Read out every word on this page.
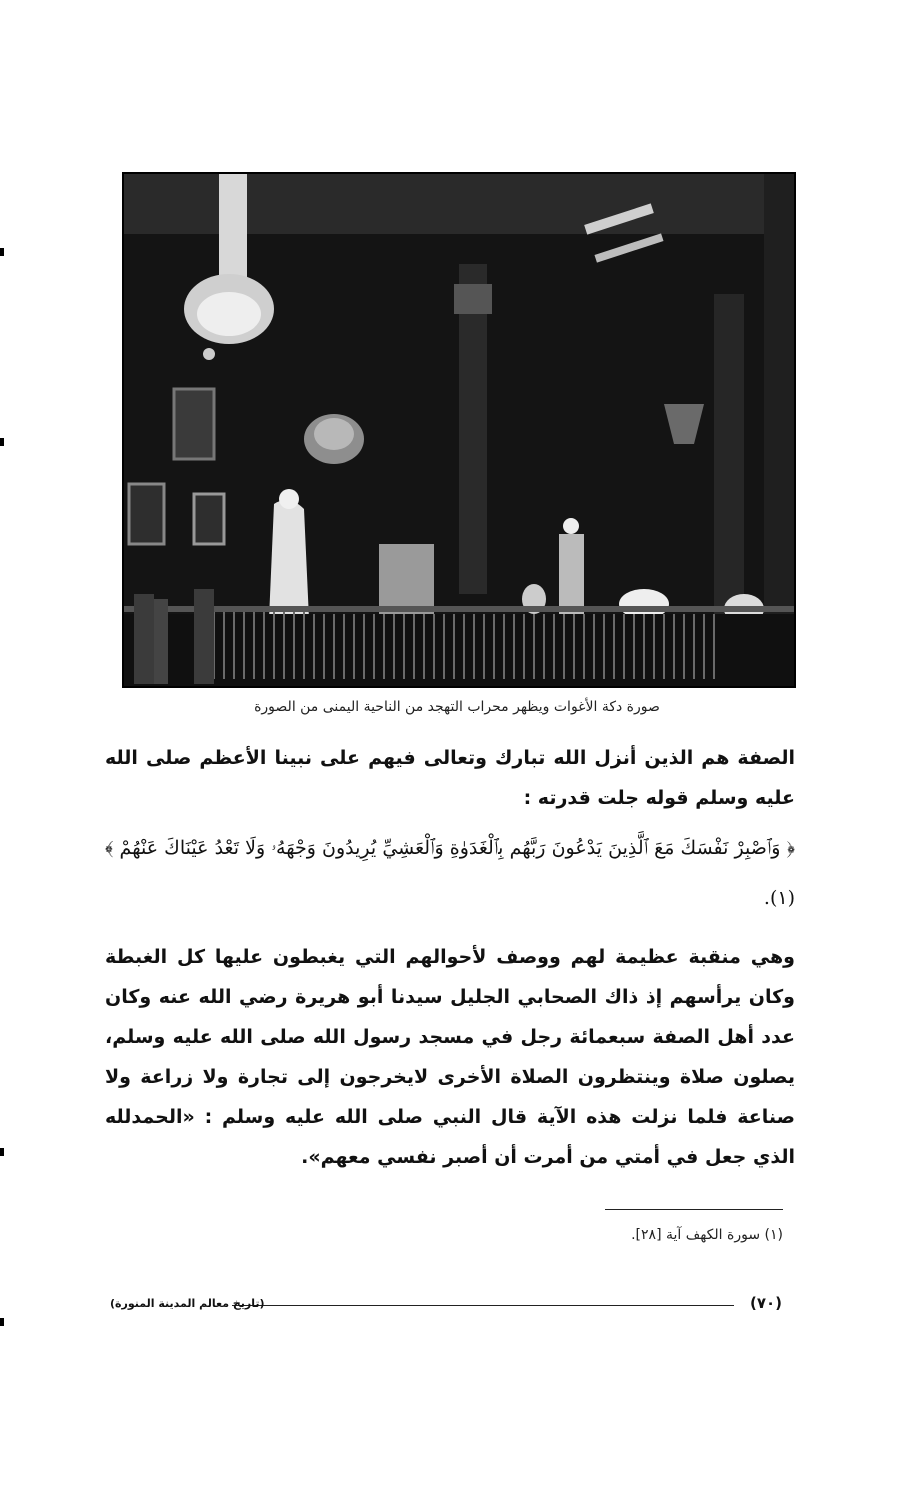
صورة دكة الأغوات ويظهر محراب التهجد من الناحية اليمنى من الصورة

الصفة هم الذين أنزل الله تبارك وتعالى فيهم على نبينا الأعظم صلى الله عليه وسلم قوله جلت قدرته :

﴿ وَٱصْبِرْ نَفْسَكَ مَعَ ٱلَّذِينَ يَدْعُونَ رَبَّهُم بِٱلْغَدَوٰةِ وَٱلْعَشِيِّ يُرِيدُونَ وَجْهَهُۥ وَلَا تَعْدُ عَيْنَاكَ عَنْهُمْ ﴾(١).

وهي منقبة عظيمة لهم ووصف لأحوالهم التي يغبطون عليها كل الغبطة وكان يرأسهم إذ ذاك الصحابي الجليل سيدنا أبو هريرة رضي الله عنه وكان عدد أهل الصفة سبعمائة رجل في مسجد رسول الله صلى الله عليه وسلم، يصلون صلاة وينتظرون الصلاة الأخرى لايخرجون إلى تجارة ولا زراعة ولا صناعة فلما نزلت هذه الآية قال النبي صلى الله عليه وسلم : «الحمدلله الذي جعل في أمتي من أمرت أن أصبر نفسي معهم».

(١) سورة الكهف آية [٢٨].
(٧٠)
(تاريخ معالم المدينة المنورة)
